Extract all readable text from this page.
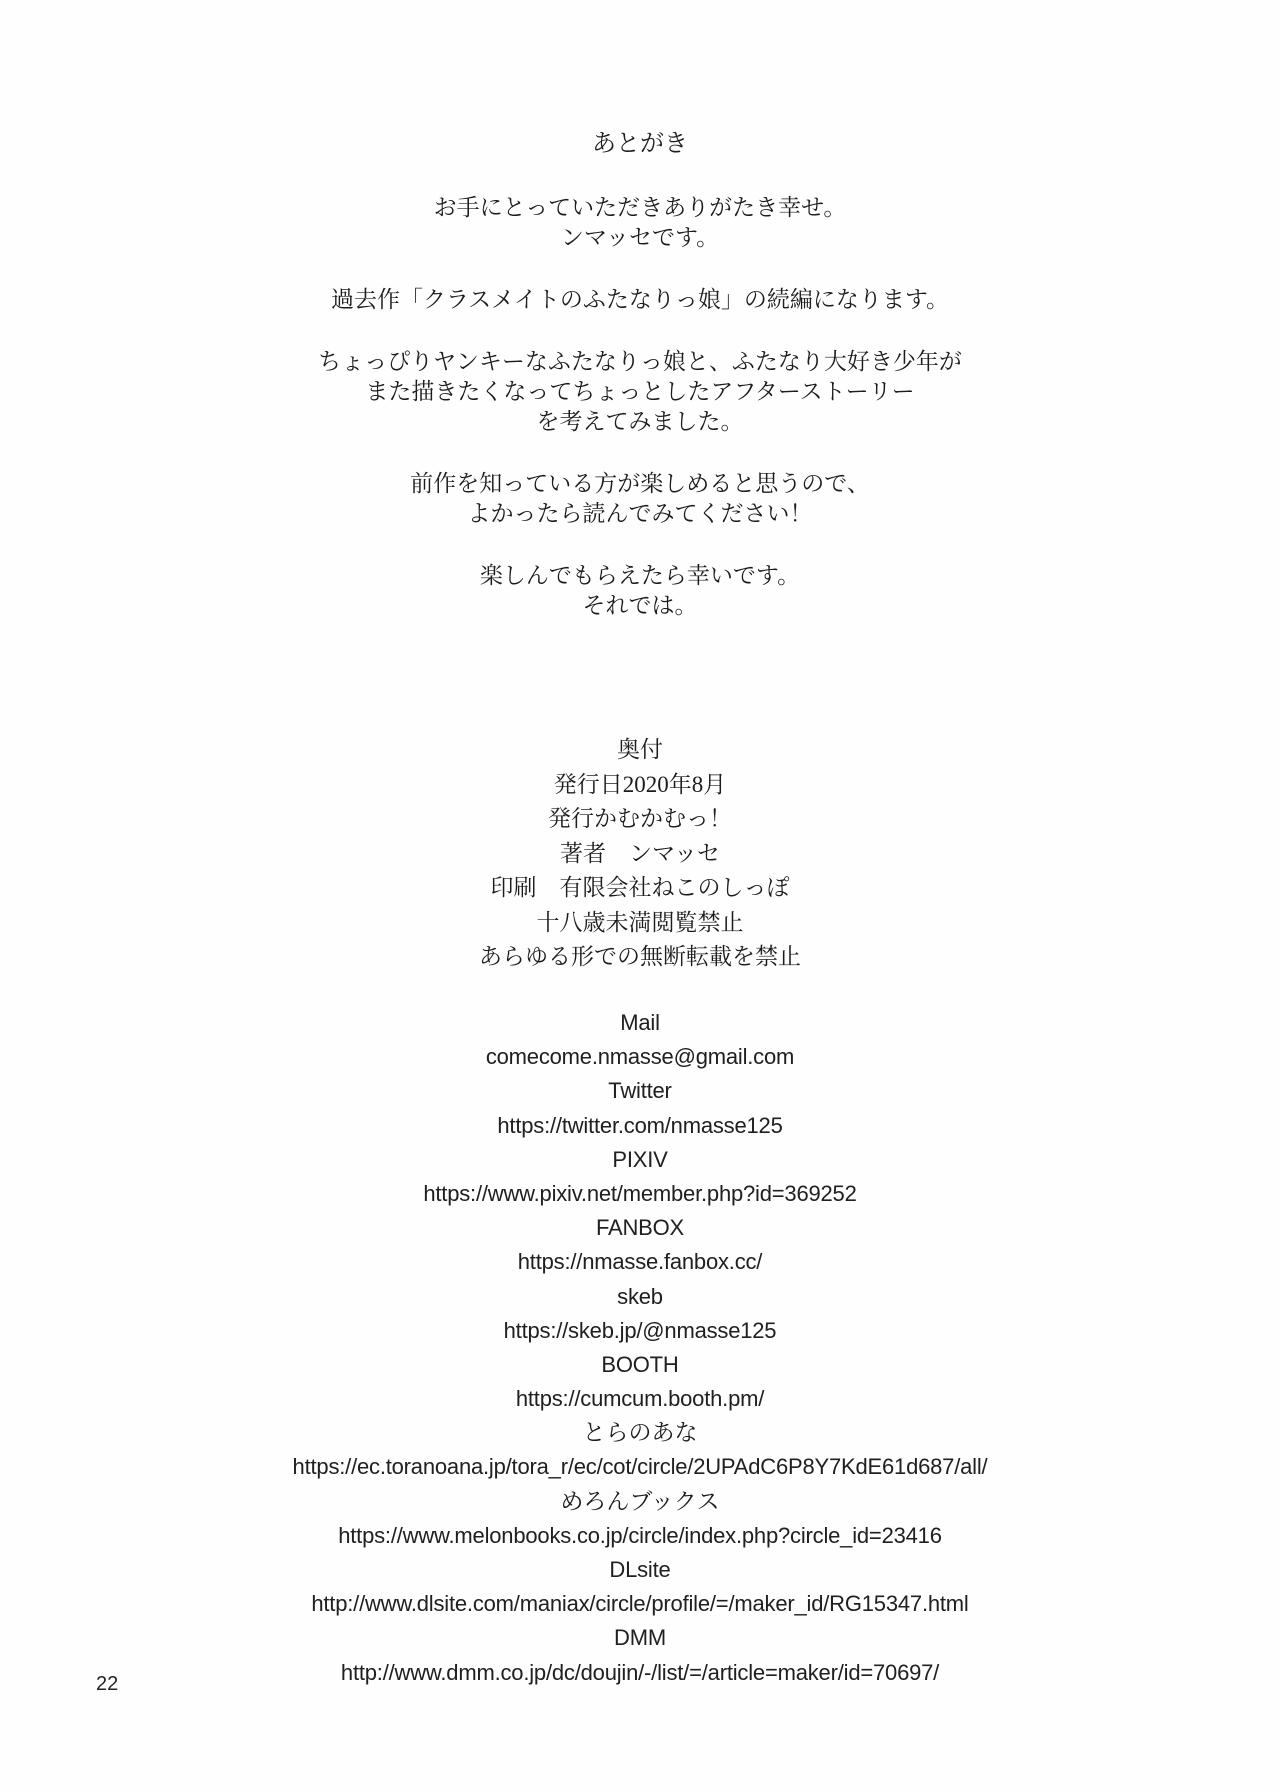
あとがき
お手にとっていただきありがたき幸せ。
ンマッセです。
過去作「クラスメイトのふたなりっ娘」の続編になります。
ちょっぴりヤンキーなふたなりっ娘と、ふたなり大好き少年が
また描きたくなってちょっとしたアフターストーリー
を考えてみました。
前作を知っている方が楽しめると思うので、
よかったら読んでみてください！
楽しんでもらえたら幸いです。
それでは。
奥付
発行日2020年8月
発行かむかむっ！
著者　ンマッセ
印刷　有限会社ねこのしっぽ
十八歳未満閲覧禁止
あらゆる形での無断転載を禁止
Mail
comecome.nmasse@gmail.com
Twitter
https://twitter.com/nmasse125
PIXIV
https://www.pixiv.net/member.php?id=369252
FANBOX
https://nmasse.fanbox.cc/
skeb
https://skeb.jp/@nmasse125
BOOTH
https://cumcum.booth.pm/
とらのあな
https://ec.toranoana.jp/tora_r/ec/cot/circle/2UPAdC6P8Y7KdE61d687/all/
めろんブックス
https://www.melonbooks.co.jp/circle/index.php?circle_id=23416
DLsite
http://www.dlsite.com/maniax/circle/profile/=/maker_id/RG15347.html
DMM
http://www.dmm.co.jp/dc/doujin/-/list/=/article=maker/id=70697/
22
